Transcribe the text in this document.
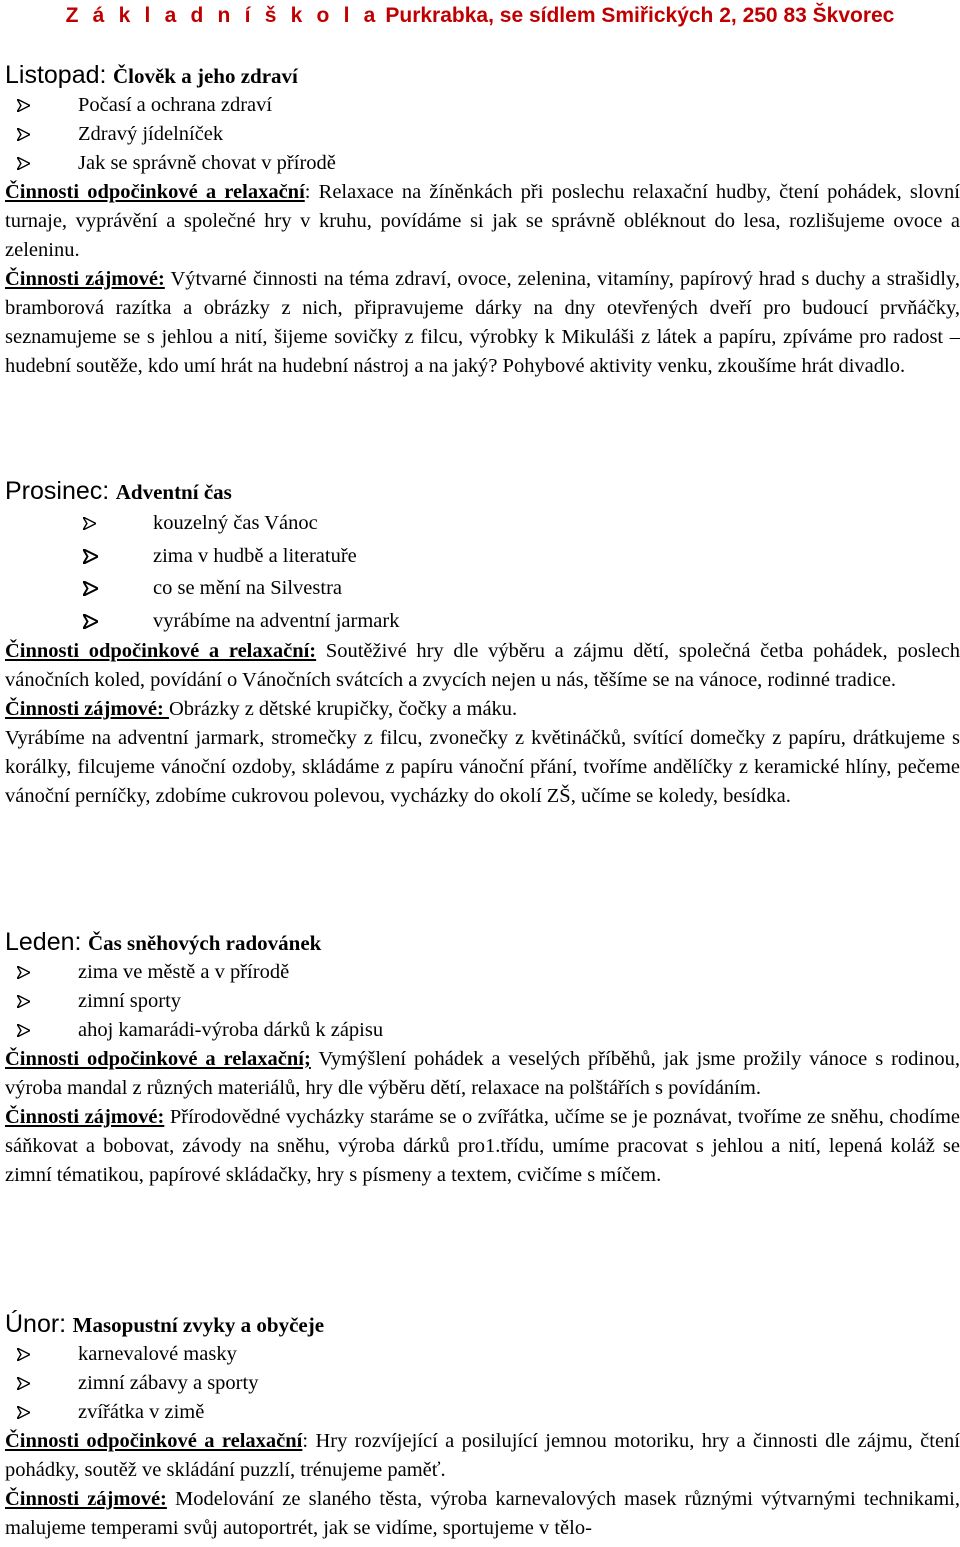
Z á k l a d n í š k o l a Purkrabka, se sídlem Smiřických 2, 250 83 Škvorec
Listopad: Člověk a jeho zdraví
Počasí a ochrana zdraví
Zdravý jídelníček
Jak se správně chovat v přírodě

Činnosti odpočinkové a relaxační: Relaxace na žíněnkách při poslechu relaxační hudby, čtení pohádek, slovní turnaje, vyprávění a společné hry v kruhu, povídáme si jak se správně obléknout do lesa, rozlišujeme ovoce a zeleninu.

Činnosti zájmové: Výtvarné činnosti na téma zdraví, ovoce, zelenina, vitamíny, papírový hrad s duchy a strašidly, bramborová razítka a obrázky z nich, připravujeme dárky na dny otevřených dveří pro budoucí prvňáčky, seznamujeme se s jehlou a nití, šijeme sovičky z filcu, výrobky k Mikuláši z látek a papíru, zpíváme pro radost – hudební soutěže, kdo umí hrát na hudební nástroj a na jaký? Pohybové aktivity venku, zkoušíme hrát divadlo.

Prosinec: Adventní čas
kouzelný čas Vánoc
zima v hudbě a literatuře
co se mění na Silvestra
vyrábíme na adventní jarmark

Činnosti odpočinkové a relaxační: Soutěživé hry dle výběru a zájmu dětí, společná četba pohádek, poslech vánočních koled, povídání o Vánočních svátcích a zvycích nejen u nás, těšíme se na vánoce, rodinné tradice.

Činnosti zájmové: Obrázky z dětské krupičky, čočky a máku.

Vyrábíme na adventní jarmark, stromečky z filcu, zvonečky z květináčků, svítící domečky z papíru, drátkujeme s korálky, filcujeme vánoční ozdoby, skládáme z papíru vánoční přání, tvoříme andělíčky z keramické hlíny, pečeme vánoční perníčky, zdobíme cukrovou polevou, vycházky do okolí ZŠ, učíme se koledy, besídka.

Leden: Čas sněhových radovánek
zima ve městě a v přírodě
zimní sporty
ahoj kamarádi-výroba dárků k zápisu

Činnosti odpočinkové a relaxační; Vymýšlení pohádek a veselých příběhů, jak jsme prožily vánoce s rodinou, výroba mandal z různých materiálů, hry dle výběru dětí, relaxace na polštářích s povídáním.

Činnosti zájmové: Přírodovědné vycházky staráme se o zvířátka, učíme se je poznávat, tvoříme ze sněhu, chodíme sáňkovat a bobovat, závody na sněhu, výroba dárků pro1.třídu, umíme pracovat s jehlou a nití, lepená koláž se zimní tématikou, papírové skládačky, hry s písmeny a textem, cvičíme s míčem.

Únor: Masopustní zvyky a obyčeje
karnevalové masky
zimní zábavy a sporty
zvířátka v zimě

Činnosti odpočinkové a relaxační: Hry rozvíjející a posilující jemnou motoriku, hry a činnosti dle zájmu, čtení pohádky, soutěž ve skládání puzzlí, trénujeme paměť.

Činnosti zájmové: Modelování ze slaného těsta, výroba karnevalových masek různými výtvarnými technikami, malujeme temperami svůj autoportrét, jak se vidíme, sportujeme v tělo-
